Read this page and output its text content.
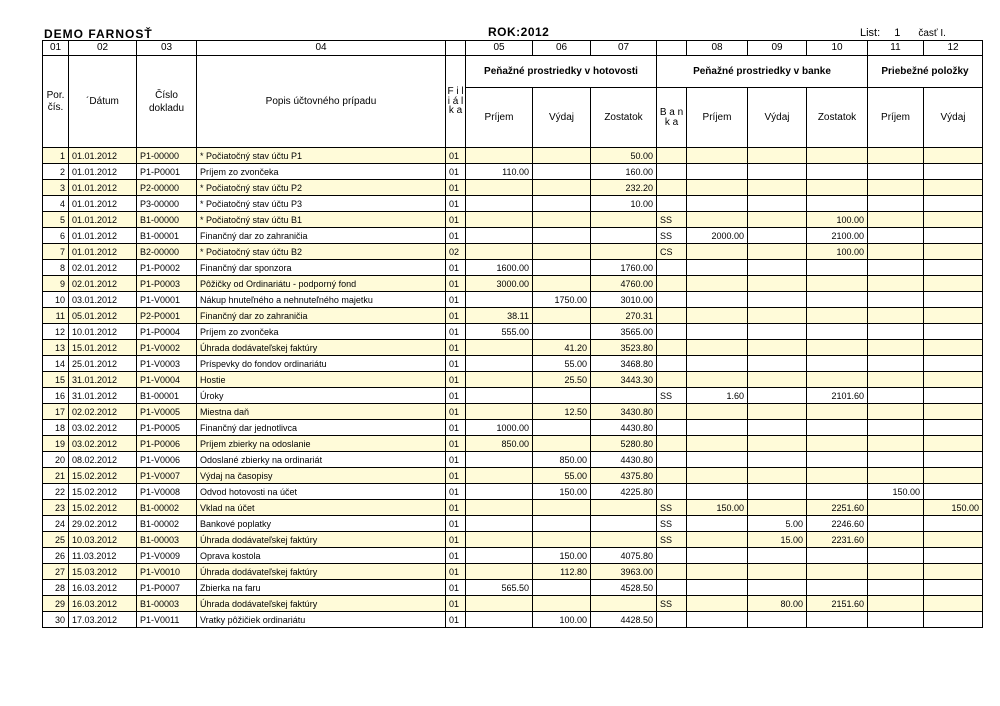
DEMO FARNOSŤ	ROK:2012	List: 1 časť I.
01	02	03	04		05	06	07		08	09	10	11	12
Por. čís.	´Dátum	Číslo dokladu	Popis účtovného prípadu	F i l i á l k a	Peňažné prostriedky v hotovosti			Peňažné prostriedky v banke				Priebežné položky	
					Príjem	Výdaj	Zostatok	B a n k a	Príjem	Výdaj	Zostatok	Príjem	Výdaj
1	01.01.2012	P1-00000	* Počiatočný stav účtu P1	01			50.00						
2	01.01.2012	P1-P0001	Príjem zo zvončeka	01	110.00		160.00						
3	01.01.2012	P2-00000	* Počiatočný stav účtu P2	01			232.20						
4	01.01.2012	P3-00000	* Počiatočný stav účtu P3	01			10.00						
5	01.01.2012	B1-00000	* Počiatočný stav účtu B1	01				SS			100.00		
6	01.01.2012	B1-00001	Finančný dar zo zahraničia	01				SS	2000.00		2100.00		
7	01.01.2012	B2-00000	* Počiatočný stav účtu B2	02				CS			100.00		
8	02.01.2012	P1-P0002	Finančný dar sponzora	01	1600.00		1760.00						
9	02.01.2012	P1-P0003	Pôžičky od Ordinariátu - podporný fond	01	3000.00		4760.00						
10	03.01.2012	P1-V0001	Nákup hnuteľného a nehnuteľného majetku	01		1750.00	3010.00						
11	05.01.2012	P2-P0001	Finančný dar zo zahraničia	01	38.11		270.31						
12	10.01.2012	P1-P0004	Príjem zo zvončeka	01	555.00		3565.00						
13	15.01.2012	P1-V0002	Úhrada dodávateľskej faktúry	01		41.20	3523.80						
14	25.01.2012	P1-V0003	Príspevky do fondov ordinariátu	01		55.00	3468.80						
15	31.01.2012	P1-V0004	Hostie	01		25.50	3443.30						
16	31.01.2012	B1-00001	Úroky	01				SS	1.60		2101.60		
17	02.02.2012	P1-V0005	Miestna daň	01		12.50	3430.80						
18	03.02.2012	P1-P0005	Finančný dar jednotlivca	01	1000.00		4430.80						
19	03.02.2012	P1-P0006	Príjem zbierky na odoslanie	01	850.00		5280.80						
20	08.02.2012	P1-V0006	Odoslané zbierky na ordinariát	01		850.00	4430.80						
21	15.02.2012	P1-V0007	Výdaj na časopisy	01		55.00	4375.80						
22	15.02.2012	P1-V0008	Odvod hotovosti na účet	01		150.00	4225.80					150.00	
23	15.02.2012	B1-00002	Vklad na účet	01				SS	150.00		2251.60		150.00
24	29.02.2012	B1-00002	Bankové poplatky	01				SS		5.00	2246.60		
25	10.03.2012	B1-00003	Úhrada dodávateľskej faktúry	01				SS		15.00	2231.60		
26	11.03.2012	P1-V0009	Oprava kostola	01		150.00	4075.80						
27	15.03.2012	P1-V0010	Úhrada dodávateľskej faktúry	01		112.80	3963.00						
28	16.03.2012	P1-P0007	Zbierka na faru	01	565.50		4528.50						
29	16.03.2012	B1-00003	Úhrada dodávateľskej faktúry	01				SS		80.00	2151.60		
30	17.03.2012	P1-V0011	Vratky pôžičiek ordinariátu	01		100.00	4428.50						
